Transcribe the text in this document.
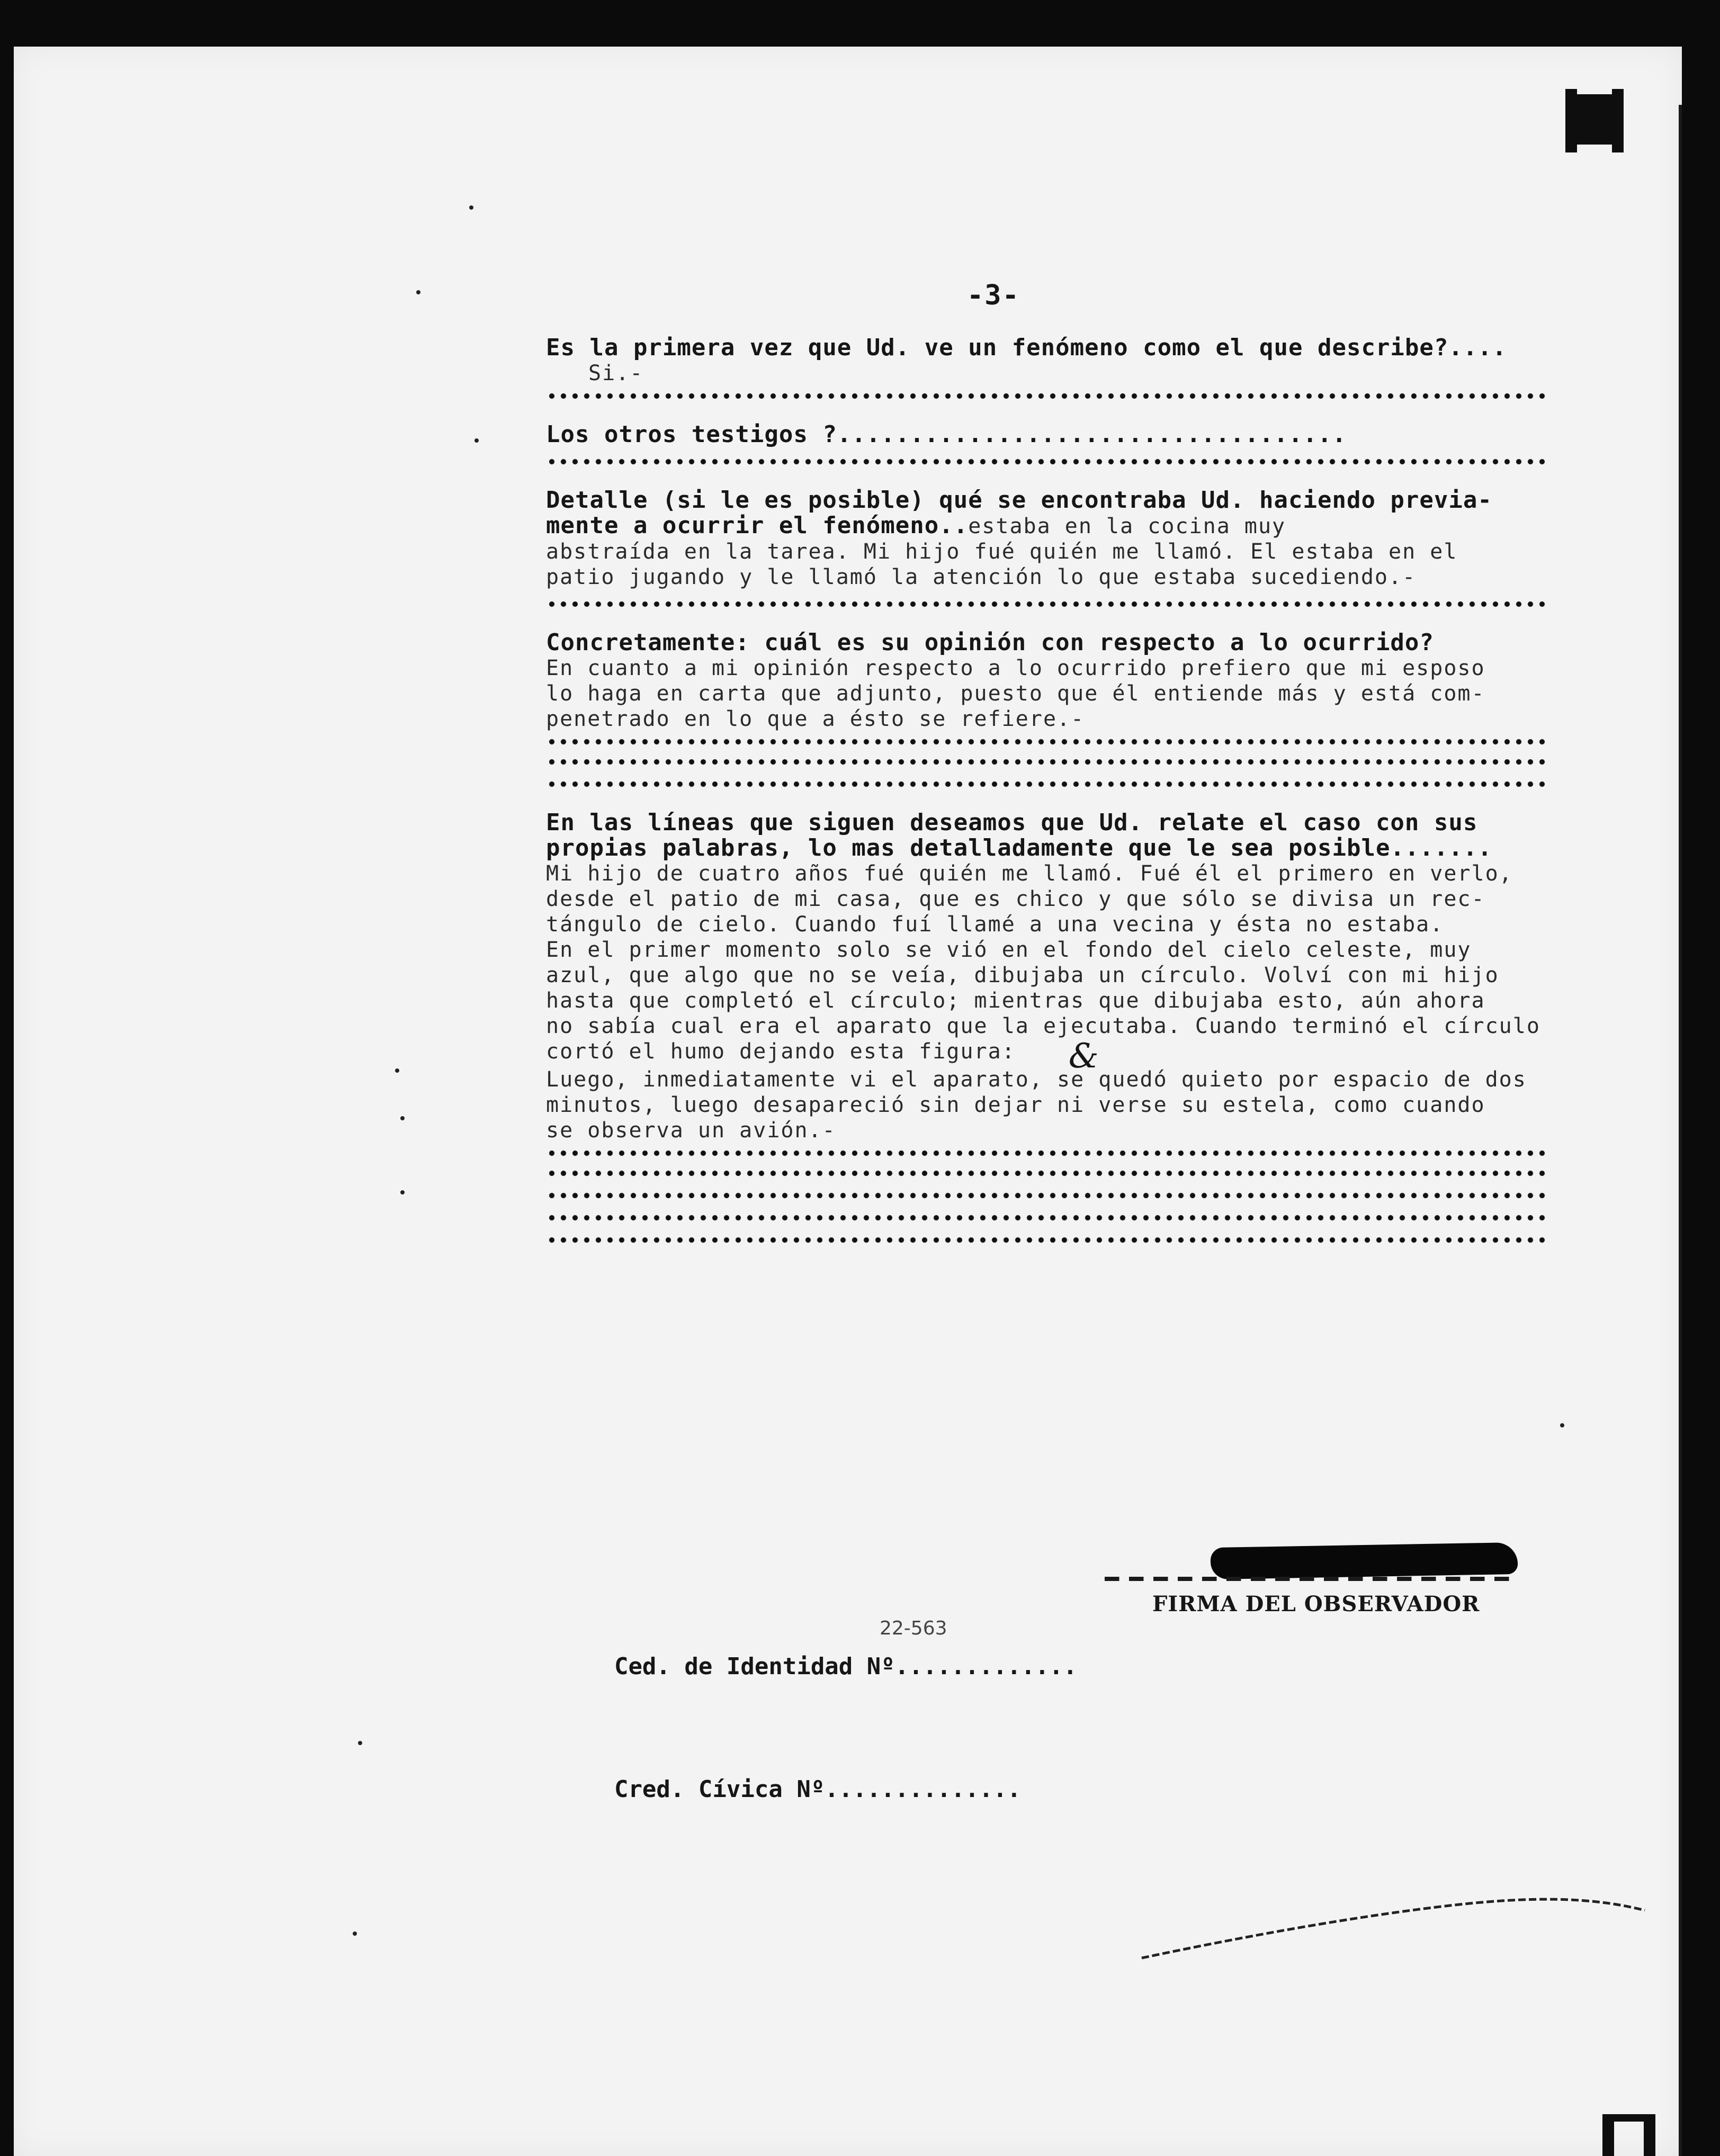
-3-
Es la primera vez que Ud. ve un fenómeno como el que describe?....
Si.-
Los otros testigos ?...................................
Detalle (si le es posible) qué se encontraba Ud. haciendo previa-
mente a ocurrir el fenómeno..estaba en la cocina muy
abstraída en la tarea. Mi hijo fué quién me llamó. El estaba en el
patio jugando y le llamó la atención lo que estaba sucediendo.-
Concretamente: cuál es su opinión con respecto a lo ocurrido?
En cuanto a mi opinión respecto a lo ocurrido prefiero que mi esposo
lo haga en carta que adjunto, puesto que él entiende más y está com-
penetrado en lo que a ésto se refiere.-
En las líneas que siguen deseamos que Ud. relate el caso con sus
propias palabras, lo mas detalladamente que le sea posible.......
Mi hijo de cuatro años fué quién me llamó. Fué él el primero en verlo,
desde el patio de mi casa, que es chico y que sólo se divisa un rec-
tángulo de cielo. Cuando fuí llamé a una vecina y ésta no estaba.
En el primer momento solo se vió en el fondo del cielo celeste, muy
azul, que algo que no se veía, dibujaba un círculo. Volví con mi hijo
hasta que completó el círculo; mientras que dibujaba esto, aún ahora
no sabía cual era el aparato que la ejecutaba. Cuando terminó el círculo
cortó el humo dejando esta figura: &
Luego, inmediatamente vi el aparato, se quedó quieto por espacio de dos
minutos, luego desapareció sin dejar ni verse su estela, como cuando
se observa un avión.-
FIRMA DEL OBSERVADOR

Ced. de Identidad Nº.............

22-563

Cred. Cívica Nº..............
